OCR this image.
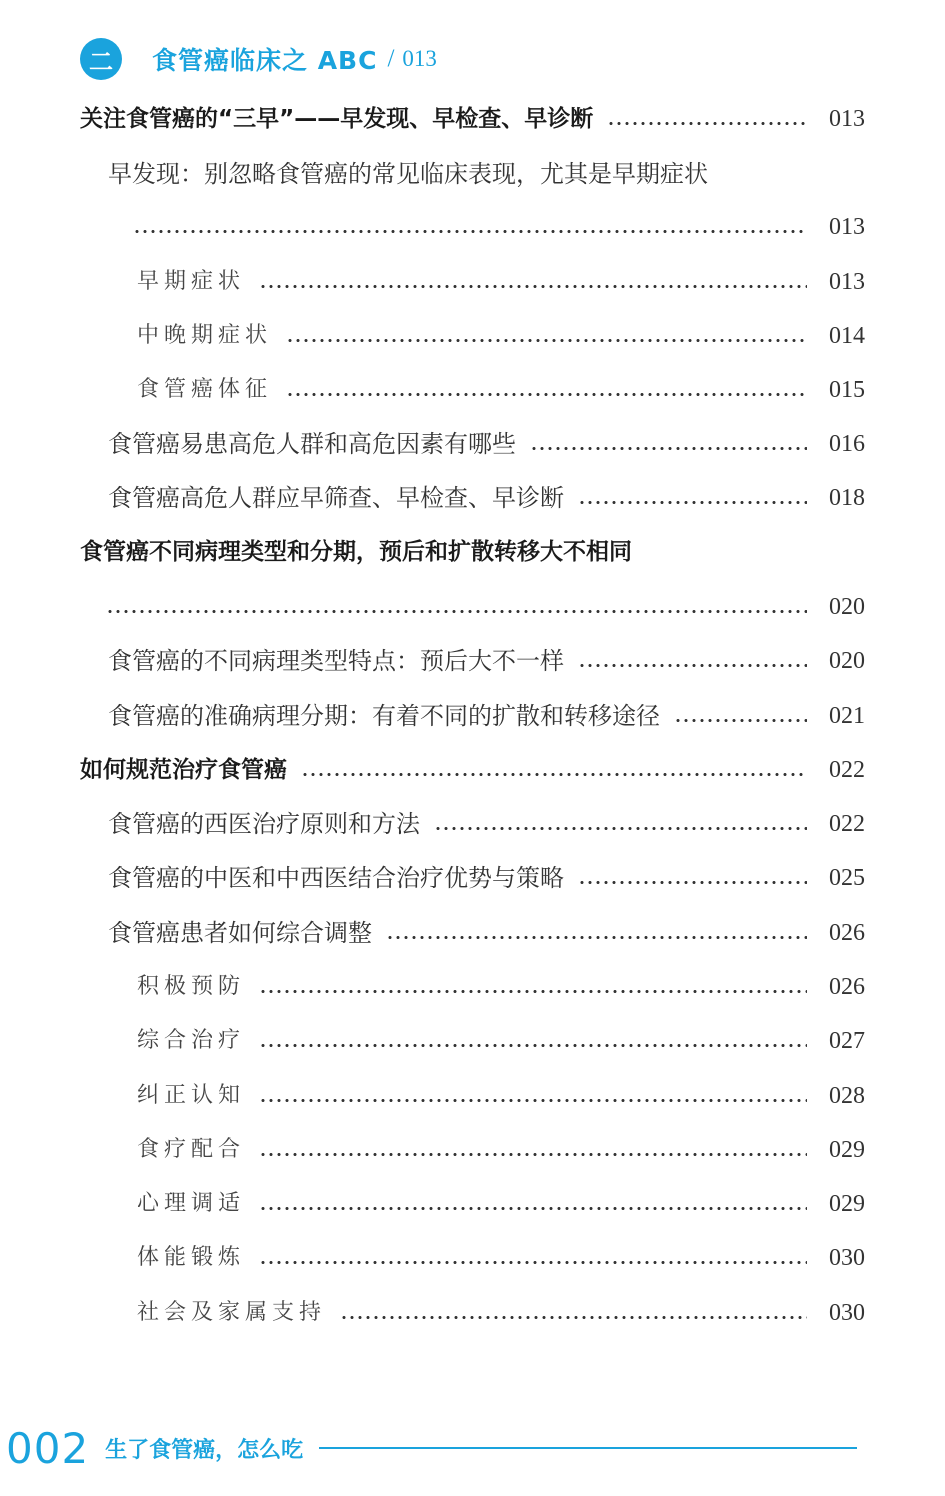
二	食管癌临床之 ABC / 013
关注食管癌的“三早”——早发现、早检查、早诊断	013
早发现：别忽略食管癌的常见临床表现，尤其是早期症状
013
早期症状	013
中晚期症状	014
食管癌体征	015
食管癌易患高危人群和高危因素有哪些	016
食管癌高危人群应早筛查、早检查、早诊断	018
食管癌不同病理类型和分期，预后和扩散转移大不相同
020
食管癌的不同病理类型特点：预后大不一样	020
食管癌的准确病理分期：有着不同的扩散和转移途径	021
如何规范治疗食管癌	022
食管癌的西医治疗原则和方法	022
食管癌的中医和中西医结合治疗优势与策略	025
食管癌患者如何综合调整	026
积极预防	026
综合治疗	027
纠正认知	028
食疗配合	029
心理调适	029
体能锻炼	030
社会及家属支持	030
002 生了食管癌，怎么吃
